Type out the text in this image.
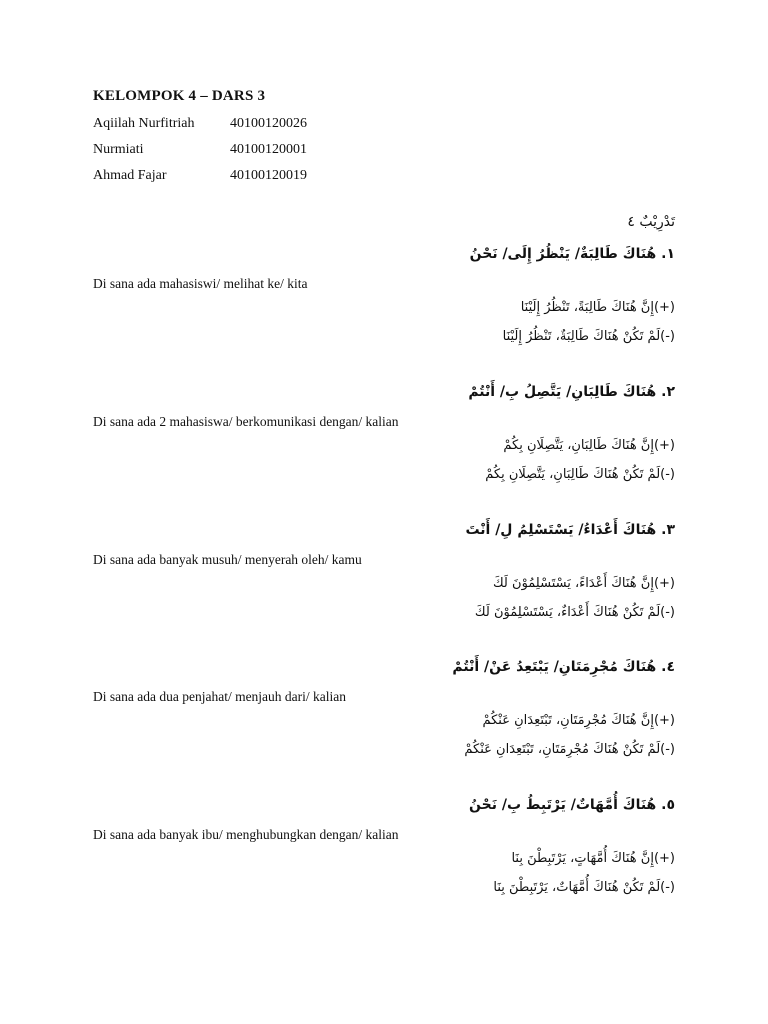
KELOMPOK 4 – DARS 3
Aqiilah Nurfitriah	40100120026
Nurmiati	40100120001
Ahmad Fajar	40100120019
تَدْرِيْبٌ ٤
١. هُنَاكَ طَالِبَةٌ/ يَنْظُرُ إِلَى/ نَحْنُ
Di sana ada mahasiswi/ melihat ke/ kita
(+)إِنَّ هُنَاكَ طَالِبَةً، تَنْظُرُ إِلَيْنَا
(-)لَمْ تَكُنْ هُنَاكَ طَالِبَةٌ، تَنْظُرُ إِلَيْنَا
٢. هُنَاكَ طَالِبَانِ/ يَتَّصِلُ بِ/ أَنْتُمْ
Di sana ada 2 mahasiswa/ berkomunikasi dengan/ kalian
(+)إِنَّ هُنَاكَ طَالِبَانِ، يَتَّصِلَانِ بِكُمْ
(-)لَمْ تَكُنْ هُنَاكَ طَالِبَانِ، يَتَّصِلَانِ بِكُمْ
٣. هُنَاكَ أَعْدَاءُ/ يَسْتَسْلِمُ لِ/ أَنْتَ
Di sana ada banyak musuh/ menyerah oleh/ kamu
(+)إِنَّ هُنَاكَ أَعْدَاءً، يَسْتَسْلِمُوْنَ لَكَ
(-)لَمْ تَكُنْ هُنَاكَ أَعْدَاءٌ، يَسْتَسْلِمُوْنَ لَكَ
٤. هُنَاكَ مُجْرِمَتَانِ/ يَبْتَعِدُ عَنْ/ أَنْتُمْ
Di sana ada dua penjahat/ menjauh dari/ kalian
(+)إِنَّ هُنَاكَ مُجْرِمَتَانِ، تَبْتَعِدَانِ عَنْكُمْ
(-)لَمْ تَكُنْ هُنَاكَ مُجْرِمَتَانِ، تَبْتَعِدَانِ عَنْكُمْ
٥. هُنَاكَ أُمَّهَاتٌ/ يَرْتَبِطُ بِ/ نَحْنُ
Di sana ada banyak ibu/ menghubungkan dengan/ kalian
(+)إِنَّ هُنَاكَ أُمَّهَاتٍ، يَرْتَبِطْنَ بِنَا
(-)لَمْ تَكُنْ هُنَاكَ أُمَّهَاتٌ، يَرْتَبِطْنَ بِنَا
